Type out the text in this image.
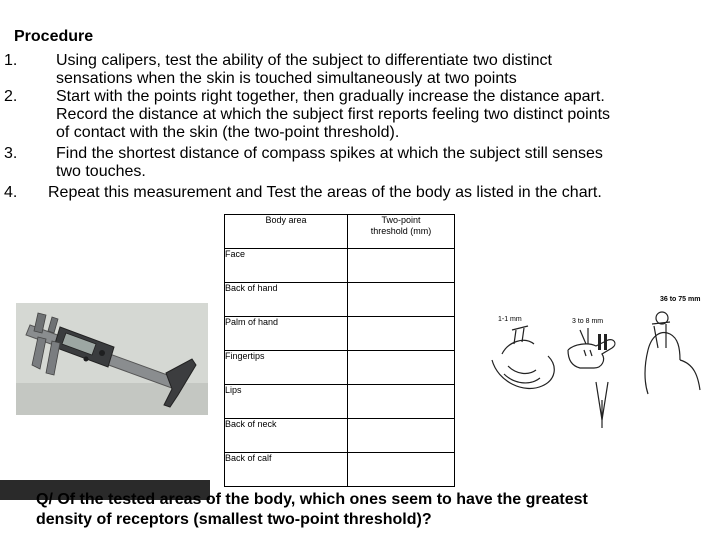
Procedure
1. Using calipers, test the ability of the subject to differentiate two distinct
sensations when the skin is touched simultaneously at two points
2. Start with the points right together, then gradually increase the distance apart.
Record the distance at which the subject first reports feeling two distinct points
of contact with the skin (the two-point threshold).
3. Find the shortest distance of compass spikes at which the subject still senses
two touches.
4. Repeat this measurement and Test the areas of the body as listed in the chart.
Body area	Two-point
threshold (mm)

Face	
Back of hand	
Palm of hand	
Fingertips	
Lips	
Back of neck	
Back of calf	
1-1 mm	3 to 8 mm
36 to 75 mm
Q/ Of the tested areas of the body, which ones seem to have the greatest
density of receptors (smallest two-point threshold)?
